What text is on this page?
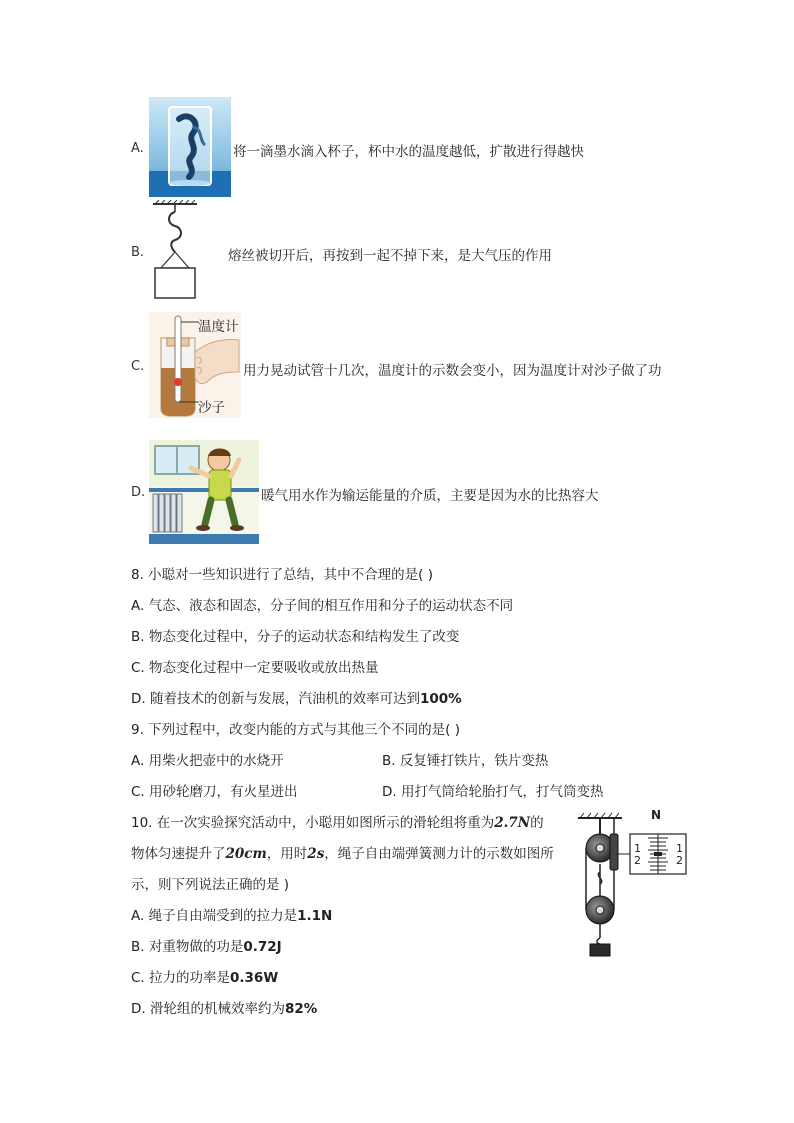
A.	将一滴墨水滴入杯子，杯中水的温度越低，扩散进行得越快
B.	熔丝被切开后，再按到一起不掉下来，是大气压的作用
C.
温度计
沙子
用力晃动试管十几次，温度计的示数会变小，因为温度计对沙子做了功
D.	暖气用水作为输运能量的介质，主要是因为水的比热容大
8. 小聪对一些知识进行了总结，其中不合理的是( )
A. 气态、液态和固态，分子间的相互作用和分子的运动状态不同
B. 物态变化过程中，分子的运动状态和结构发生了改变
C. 物态变化过程中一定要吸收或放出热量
D. 随着技术的创新与发展，汽油机的效率可达到100%
9. 下列过程中，改变内能的方式与其他三个不同的是( )
A. 用柴火把壶中的水烧开	B. 反复锤打铁片，铁片变热
C. 用砂轮磨刀，有火星迸出	D. 用打气筒给轮胎打气，打气筒变热
10. 在一次实验探究活动中，小聪用如图所示的滑轮组将重为2.7N的
物体匀速提升了20cm，用时2s，绳子自由端弹簧测力计的示数如图所
示，则下列说法正确的是 )
A. 绳子自由端受到的拉力是1.1N
B. 对重物做的功是0.72J
C. 拉力的功率是0.36W
D. 滑轮组的机械效率约为82%
N
1
2
1
2
